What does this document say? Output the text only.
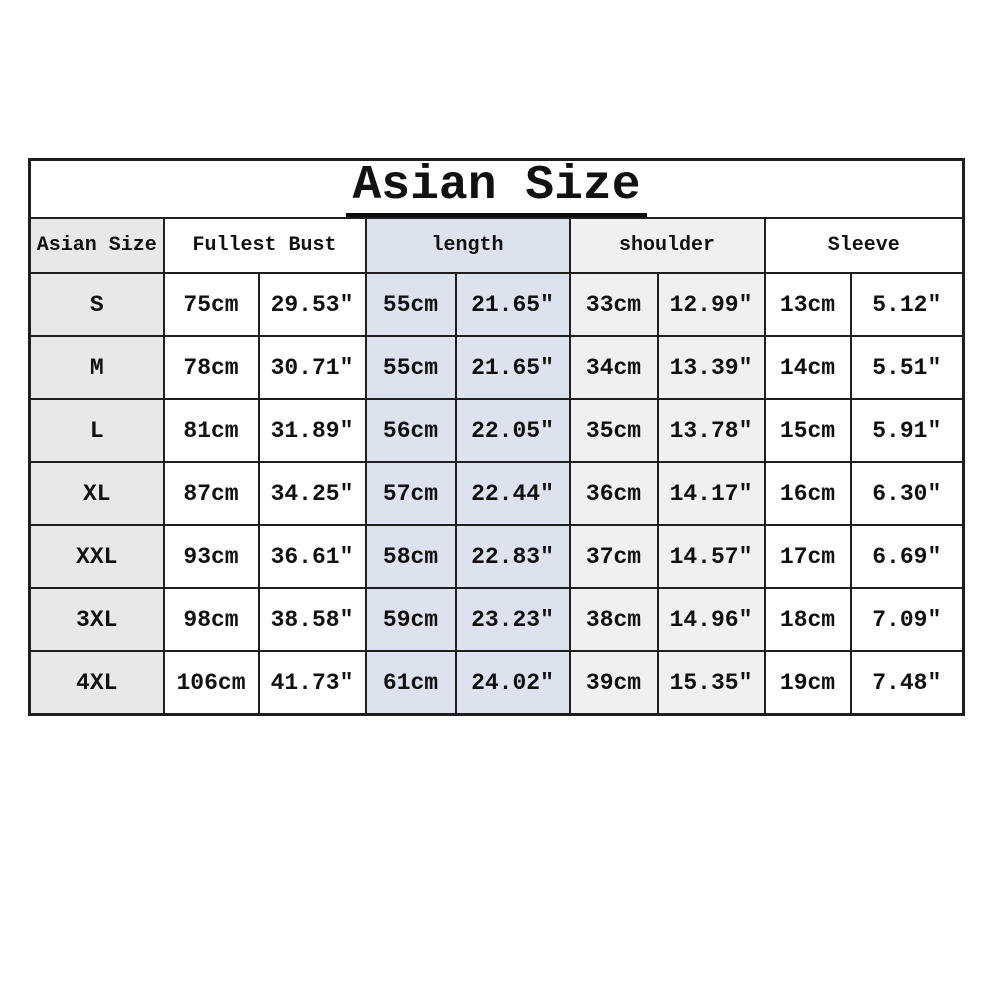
Asian Size								
Asian Size	Fullest Bust		length		shoulder		Sleeve	
S	75cm	29.53″	55cm	21.65″	33cm	12.99″	13cm	5.12″
M	78cm	30.71″	55cm	21.65″	34cm	13.39″	14cm	5.51″
L	81cm	31.89″	56cm	22.05″	35cm	13.78″	15cm	5.91″
XL	87cm	34.25″	57cm	22.44″	36cm	14.17″	16cm	6.30″
XXL	93cm	36.61″	58cm	22.83″	37cm	14.57″	17cm	6.69″
3XL	98cm	38.58″	59cm	23.23″	38cm	14.96″	18cm	7.09″
4XL	106cm	41.73″	61cm	24.02″	39cm	15.35″	19cm	7.48″
